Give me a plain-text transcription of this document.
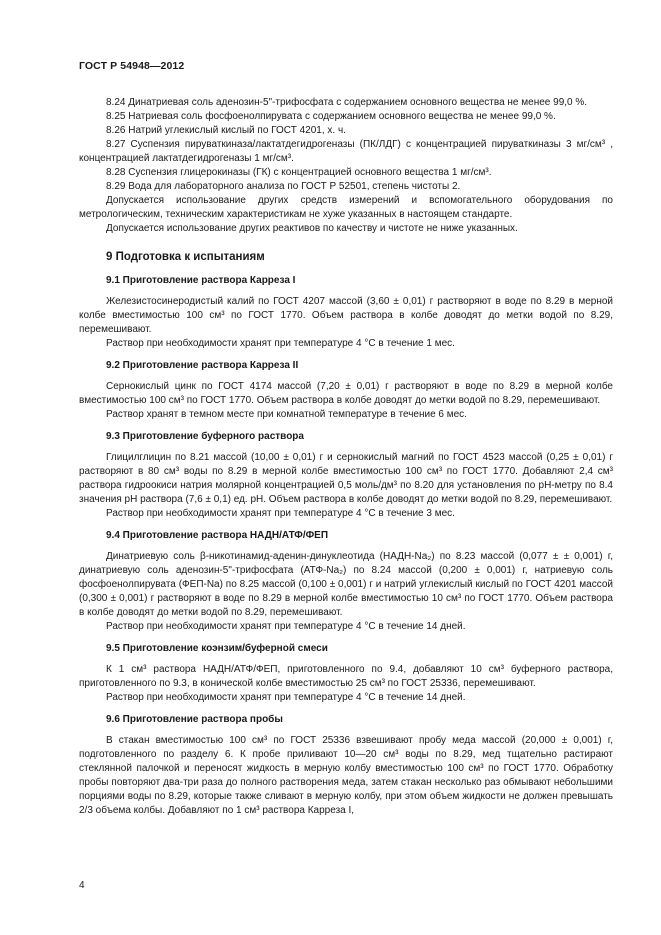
ГОСТ Р 54948—2012

8.24 Динатриевая соль аденозин-5"-трифосфата с содержанием основного вещества не менее 99,0 %.

8.25 Натриевая соль фосфоенолпирувата с содержанием основного вещества не менее 99,0 %.
8.26 Натрий углекислый кислый по ГОСТ 4201, х. ч.

8.27 Суспензия пируваткиназа/лактатдегидрогеназы (ПК/ЛДГ) с концентрацией пируваткиназы 3 мг/см³ , концентрацией лактатдегидрогеназы 1 мг/см³.

8.28 Суспензия глицерокиназы (ГК) с концентрацией основного вещества 1 мг/см³.
8.29 Вода для лабораторного анализа по ГОСТ Р 52501, степень чистоты 2.

Допускается использование других средств измерений и вспомогательного оборудования по метрологическим, техническим характеристикам не хуже указанных в настоящем стандарте.

Допускается использование других реактивов по качеству и чистоте не ниже указанных.

9 Подготовка к испытаниям
9.1 Приготовление раствора Карреза I

Железистосинеродистый калий по ГОСТ 4207 массой (3,60 ± 0,01) г растворяют в воде по 8.29 в мерной колбе вместимостью 100 см³ по ГОСТ 1770. Объем раствора в колбе доводят до метки водой по 8.29, перемешивают.

Раствор при необходимости хранят при температуре 4 °С в течение 1 мес.

9.2 Приготовление раствора Карреза II

Сернокислый цинк по ГОСТ 4174 массой (7,20 ± 0,01) г растворяют в воде по 8.29 в мерной колбе вместимостью 100 см³ по ГОСТ 1770. Объем раствора в колбе доводят до метки водой по 8.29, перемешивают.

Раствор хранят в темном месте при комнатной температуре в течение 6 мес.

9.3 Приготовление буферного раствора

Глицилглицин по 8.21 массой (10,00 ± 0,01) г и сернокислый магний по ГОСТ 4523 массой (0,25 ± 0,01) г растворяют в 80 см³ воды по 8.29 в мерной колбе вместимостью 100 см³ по ГОСТ 1770. Добавляют 2,4 см³ раствора гидроокиси натрия молярной концентрацией 0,5 моль/дм³ по 8.20 для установления по рН-метру по 8.4 значения рН раствора (7,6 ± 0,1) ед. рН. Объем раствора в колбе доводят до метки водой по 8.29, перемешивают.

Раствор при необходимости хранят при температуре 4 °С в течение 3 мес.

9.4 Приготовление раствора НАДН/АТФ/ФЕП

Динатриевую соль β-никотинамид-аденин-динуклеотида (НАДН-Na₂) по 8.23 массой (0,077 ± ± 0,001) г, динатриевую соль аденозин-5"-трифосфата (АТФ-Na₂) по 8.24 массой (0,200 ± 0,001) г, натриевую соль фосфоенолпирувата (ФЕП-Na) по 8.25 массой (0,100 ± 0,001) г и натрий углекислый кислый по ГОСТ 4201 массой (0,300 ± 0,001) г растворяют в воде по 8.29 в мерной колбе вместимостью 10 см³ по ГОСТ 1770. Объем раствора в колбе доводят до метки водой по 8.29, перемешивают.

Раствор при необходимости хранят при температуре 4 °С в течение 14 дней.

9.5 Приготовление коэнзим/буферной смеси

К 1 см³ раствора НАДН/АТФ/ФЕП, приготовленного по 9.4, добавляют 10 см³ буферного раствора, приготовленного по 9.3, в конической колбе вместимостью 25 см³ по ГОСТ 25336, перемешивают.

Раствор при необходимости хранят при температуре 4 °С в течение 14 дней.

9.6 Приготовление раствора пробы

В стакан вместимостью 100 см³ по ГОСТ 25336 взвешивают пробу меда массой (20,000 ± 0,001) г, подготовленного по разделу 6. К пробе приливают 10—20 см³ воды по 8.29, мед тщательно растирают стеклянной палочкой и переносят жидкость в мерную колбу вместимостью 100 см³ по ГОСТ 1770. Обработку пробы повторяют два-три раза до полного растворения меда, затем стакан несколько раз обмывают небольшими порциями воды по 8.29, которые также сливают в мерную колбу, при этом объем жидкости не должен превышать 2/3 объема колбы. Добавляют по 1 см³ раствора Карреза I,

4
